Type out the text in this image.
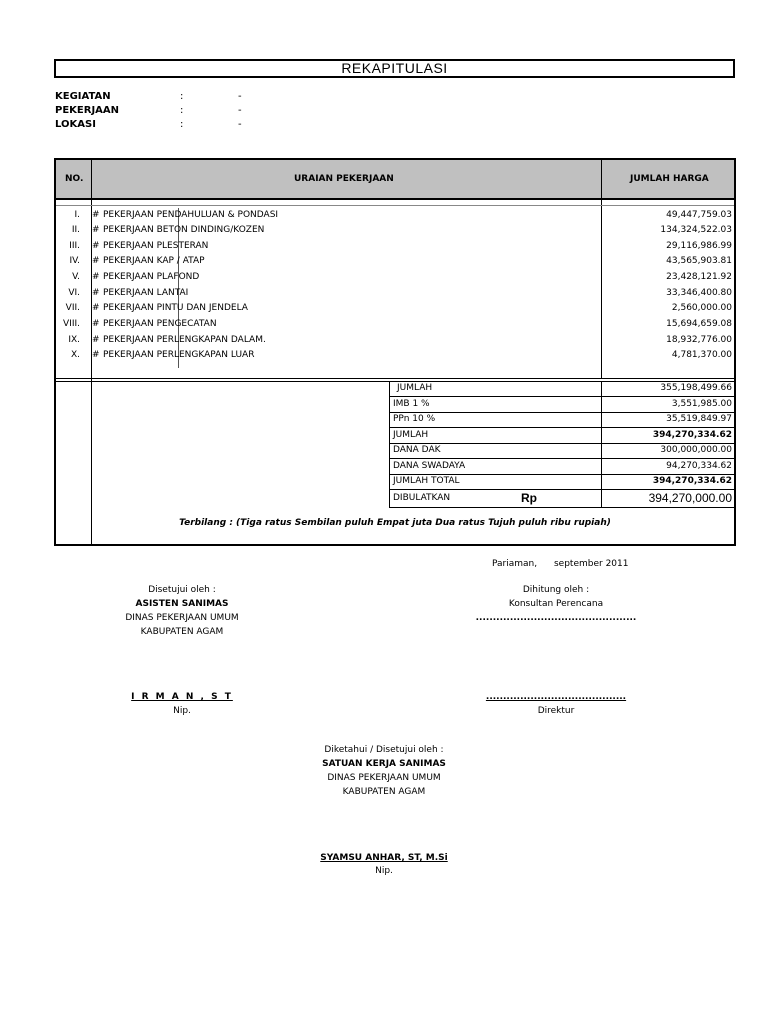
REKAPITULASI
KEGIATAN	:	-
PEKERJAAN	:	-
LOKASI	:	-
NO.	URAIAN PEKERJAAN	JUMLAH HARGA
I. # PEKERJAAN PENDAHULUAN & PONDASI	49,447,759.03
II. # PEKERJAAN BETON DINDING/KOZEN	134,324,522.03
III. # PEKERJAAN PLESTERAN	29,116,986.99
IV. # PEKERJAAN KAP / ATAP	43,565,903.81
V. # PEKERJAAN PLAFOND	23,428,121.92
VI. # PEKERJAAN LANTAI	33,346,400.80
VII. # PEKERJAAN PINTU DAN JENDELA	2,560,000.00
VIII. # PEKERJAAN PENGECATAN	15,694,659.08
IX. # PEKERJAAN PERLENGKAPAN DALAM.	18,932,776.00
X. # PEKERJAAN PERLENGKAPAN LUAR	4,781,370.00
JUMLAH	355,198,499.66
IMB 1 %	3,551,985.00
PPn 10 %	35,519,849.97
JUMLAH	394,270,334.62
DANA DAK	300,000,000.00
DANA SWADAYA	94,270,334.62
JUMLAH TOTAL	394,270,334.62
DIBULATKAN	Rp	394,270,000.00
Terbilang : (Tiga ratus Sembilan puluh Empat juta Dua ratus Tujuh puluh ribu rupiah)
Pariaman, september 2011
Disetujui oleh :
ASISTEN SANIMAS
DINAS PEKERJAAN UMUM
KABUPATEN AGAM
I R M A N , S T
Nip.
Dihitung oleh :
Konsultan Perencana
...............................................
.........................................
Direktur
Diketahui / Disetujui oleh :
SATUAN KERJA SANIMAS
DINAS PEKERJAAN UMUM
KABUPATEN AGAM
SYAMSU ANHAR, ST, M.Si
Nip.
